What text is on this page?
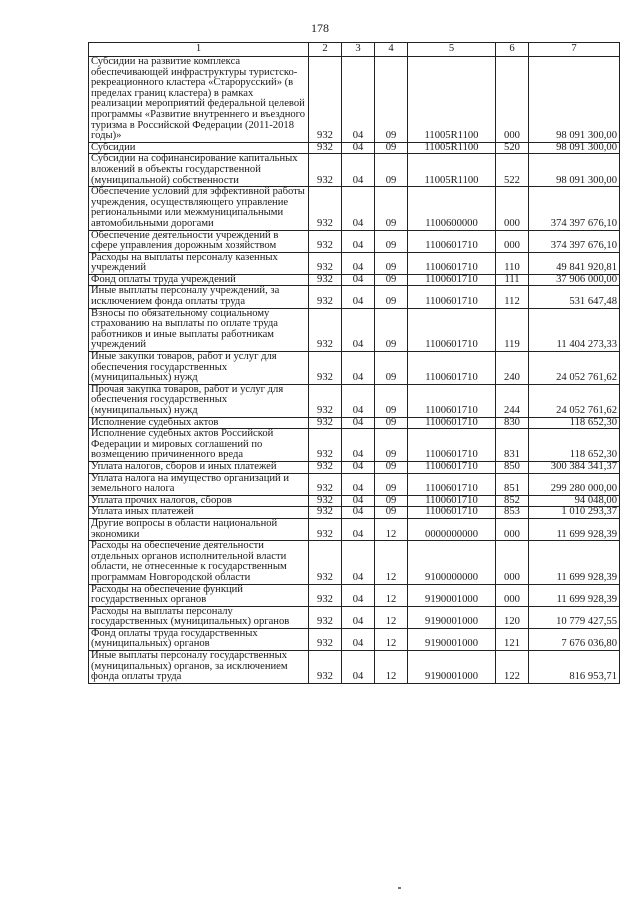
178
1	2	3	4	5	6	7
Субсидии на развитие комплекса обеспечивающей инфраструктуры туристско-рекреационного кластера «Старорусский» (в пределах границ кластера) в рамках реализации мероприятий федеральной целевой программы «Развитие внутреннего и въездного туризма в Российской Федерации (2011-2018 годы)»	932	04	09	11005R1100	000	98 091 300,00
Субсидии	932	04	09	11005R1100	520	98 091 300,00
Субсидии на софинансирование капитальных вложений в объекты государственной (муниципальной) собственности	932	04	09	11005R1100	522	98 091 300,00
Обеспечение условий для эффективной работы учреждения, осуществляющего управление региональными или межмуниципальными автомобильными дорогами	932	04	09	1100600000	000	374 397 676,10
Обеспечение деятельности учреждений в сфере управления дорожным хозяйством	932	04	09	1100601710	000	374 397 676,10
Расходы на выплаты персоналу казенных учреждений	932	04	09	1100601710	110	49 841 920,81
Фонд оплаты труда учреждений	932	04	09	1100601710	111	37 906 000,00
Иные выплаты персоналу учреждений, за исключением фонда оплаты труда	932	04	09	1100601710	112	531 647,48
Взносы по обязательному социальному страхованию на выплаты по оплате труда работников и иные выплаты работникам учреждений	932	04	09	1100601710	119	11 404 273,33
Иные закупки товаров, работ и услуг для обеспечения государственных (муниципальных) нужд	932	04	09	1100601710	240	24 052 761,62
Прочая закупка товаров, работ и услуг для обеспечения государственных (муниципальных) нужд	932	04	09	1100601710	244	24 052 761,62
Исполнение судебных актов	932	04	09	1100601710	830	118 652,30
Исполнение судебных актов Российской Федерации и мировых соглашений по возмещению причиненного вреда	932	04	09	1100601710	831	118 652,30
Уплата налогов, сборов и иных платежей	932	04	09	1100601710	850	300 384 341,37
Уплата налога на имущество организаций и земельного налога	932	04	09	1100601710	851	299 280 000,00
Уплата прочих налогов, сборов	932	04	09	1100601710	852	94 048,00
Уплата иных платежей	932	04	09	1100601710	853	1 010 293,37
Другие вопросы в области национальной экономики	932	04	12	0000000000	000	11 699 928,39
Расходы на обеспечение деятельности отдельных органов исполнительной власти области, не отнесенные к государственным программам Новгородской области	932	04	12	9100000000	000	11 699 928,39
Расходы на обеспечение функций государственных органов	932	04	12	9190001000	000	11 699 928,39
Расходы на выплаты персоналу государственных (муниципальных) органов	932	04	12	9190001000	120	10 779 427,55
Фонд оплаты труда государственных (муниципальных) органов	932	04	12	9190001000	121	7 676 036,80
Иные выплаты персоналу государственных (муниципальных) органов, за исключением фонда оплаты труда	932	04	12	9190001000	122	816 953,71
